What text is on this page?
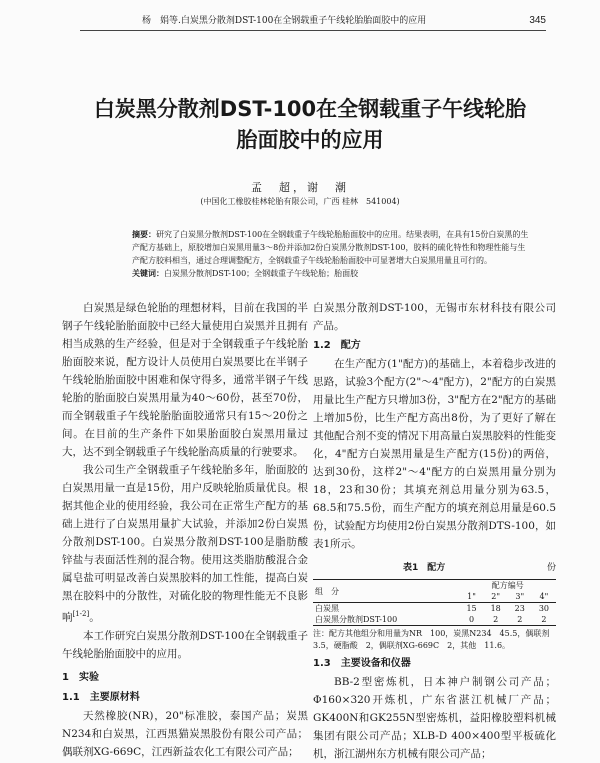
杨　娟等.白炭黑分散剂DST-100在全钢载重子午线轮胎胎面胶中的应用	345
白炭黑分散剂DST-100在全钢载重子午线轮胎
胎面胶中的应用
孟　超，谢　潮
(中国化工橡胶桂林轮胎有限公司，广西 桂林　541004)

摘要：研究了白炭黑分散剂DST-100在全钢载重子午线轮胎胎面胶中的应用。结果表明，在具有15份白炭黑的生产配方基础上，原胶增加白炭黑用量3～8份并添加2份白炭黑分散剂DST-100，胶料的硫化特性和物理性能与生产配方胶料相当，通过合理调整配方，全钢载重子午线轮胎胎面胶中可显著增大白炭黑用量且可行的。

关键词：白炭黑分散剂DST-100；全钢载重子午线轮胎；胎面胶

白炭黑是绿色轮胎的理想材料，目前在我国的半钢子午线轮胎胎面胶中已经大量使用白炭黑并且拥有相当成熟的生产经验，但是对于全钢载重子午线轮胎胎面胶来说，配方设计人员使用白炭黑要比在半钢子午线轮胎胎面胶中困难和保守得多，通常半钢子午线轮胎的胎面胶白炭黑用量为40～60份，甚至70份，而全钢载重子午线轮胎胎面胶通常只有15～20份之间。在目前的生产条件下如果胎面胶白炭黑用量过大，达不到全钢载重子午线轮胎高质量的行驶要求。

我公司生产全钢载重子午线轮胎多年，胎面胶的白炭黑用量一直是15份，用户反映轮胎质量优良。根据其他企业的使用经验，我公司在正常生产配方的基础上进行了白炭黑用量扩大试验，并添加2份白炭黑分散剂DST-100。白炭黑分散剂DST-100是脂肪酸锌盐与表面活性剂的混合物。使用这类脂肪酸混合金属皂盐可明显改善白炭黑胶料的加工性能，提高白炭黑在胶料中的分散性，对硫化胶的物理性能无不良影响[1-2]。

本工作研究白炭黑分散剂DST-100在全钢载重子午线轮胎胎面胶中的应用。

1　实验
1.1　主要原材料

天然橡胶(NR)，20"标准胶，泰国产品；炭黑N234和白炭黑，江西黑猫炭黑股份有限公司产品；偶联剂XG-669C，江西新益农化工有限公司产品；

白炭黑分散剂DST-100，无锡市东材科技有限公司产品。

1.2　配方

在生产配方(1"配方)的基础上，本着稳步改进的思路，试验3个配方(2"～4"配方)，2"配方的白炭黑用量比生产配方只增加3份，3"配方在2"配方的基础上增加5份，比生产配方高出8份，为了更好了解在其他配合剂不变的情况下用高量白炭黑胶料的性能变化，4"配方白炭黑用量是生产配方(15份)的两倍，达到30份，这样2"～4"配方的白炭黑用量分别为18，23和30份；其填充剂总用量分别为63.5，68.5和75.5份，而生产配方的填充剂总用量是60.5份，试验配方均使用2份白炭黑分散剂DTS-100，如表1所示。

表1　配方	份
组　分	配方编号			
	1"	2"	3"	4"
白炭黑	15	18	23	30
白炭黑分散剂DST-100	0	2	2	2
注：配方其他组分和用量为NR　100，炭黑N234　45.5，偶联剂　3.5，硬脂酸　2，偶联剂XG-669C　2，其他　11.6。
1.3　主要设备和仪器

BB-2型密炼机，日本神户制钢公司产品；Φ160×320开炼机，广东省湛江机械厂产品；GK400N和GK255N型密炼机，益阳橡胶塑料机械集团有限公司产品；XLB-D 400×400型平板硫化机，浙江湖州东方机械有限公司产品；
